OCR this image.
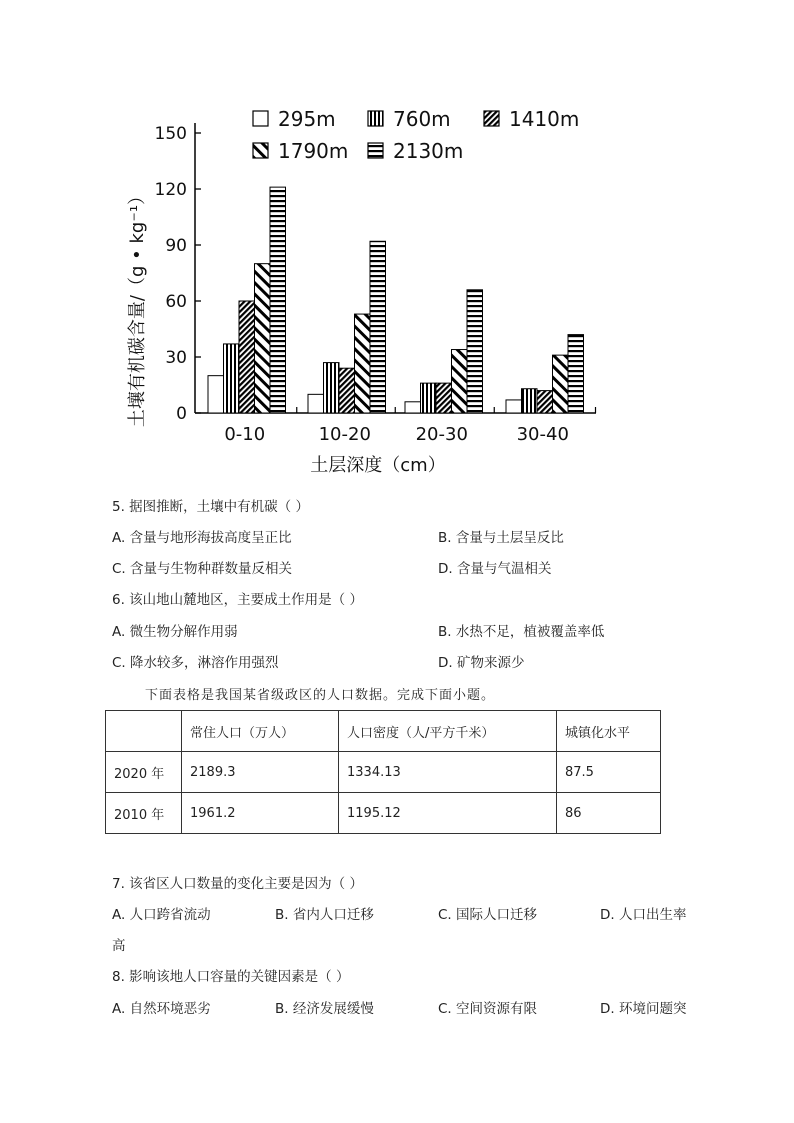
0
30
60
90
120
150
0-10	10-20 20-30	30-40
295m	760m	1410m
1790m 2130m
土壤有机碳含量/（g • kg⁻¹）
土层深度（cm）
5. 据图推断，土壤中有机碳（ ）
A. 含量与地形海拔高度呈正比	B. 含量与土层呈反比
C. 含量与生物种群数量反相关	D. 含量与气温相关
6. 该山地山麓地区，主要成土作用是（ ）
A. 微生物分解作用弱	B. 水热不足，植被覆盖率低
C. 降水较多，淋溶作用强烈	D. 矿物来源少
下面表格是我国某省级政区的人口数据。完成下面小题。
	常住人口（万人）	人口密度（人/平方千米）	城镇化水平
2020 年	2189.3	1334.13	87.5
2010 年	1961.2	1195.12	86
7. 该省区人口数量的变化主要是因为（ ）
A. 人口跨省流动	B. 省内人口迁移	C. 国际人口迁移	D. 人口出生率
高
8. 影响该地人口容量的关键因素是（ ）
A. 自然环境恶劣	B. 经济发展缓慢	C. 空间资源有限	D. 环境问题突
